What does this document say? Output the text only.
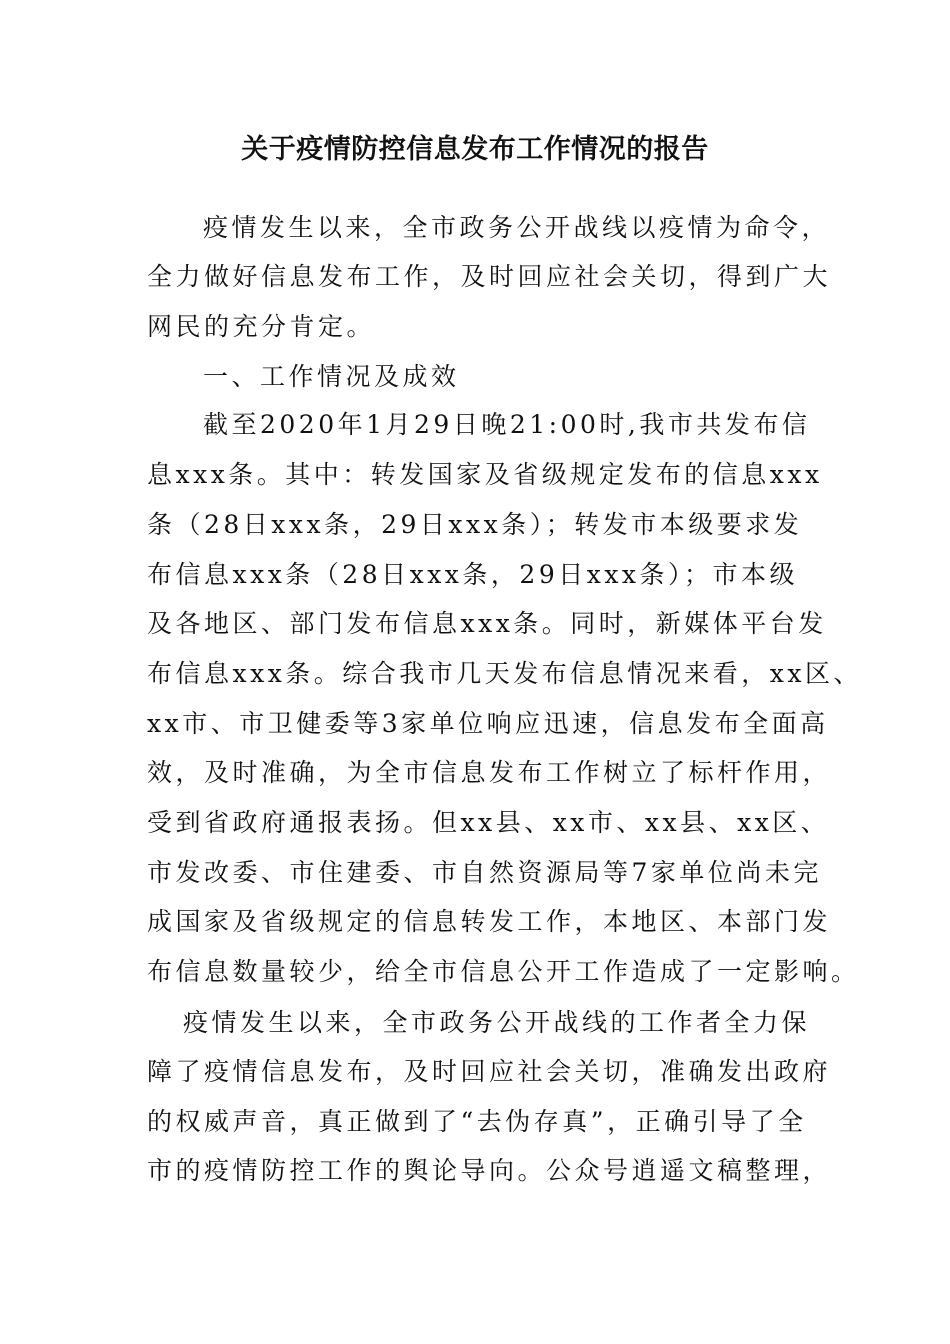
关于疫情防控信息发布工作情况的报告

疫情发生以来，全市政务公开战线以疫情为命令，

全力做好信息发布工作，及时回应社会关切，得到广大

网民的充分肯定。

一、工作情况及成效

截至2020年1月29日晚21:00时,我市共发布信

息xxx条。其中：转发国家及省级规定发布的信息xxx

条（28日xxx条，29日xxx条）；转发市本级要求发

布信息xxx条（28日xxx条，29日xxx条）；市本级

及各地区、部门发布信息xxx条。同时，新媒体平台发

布信息xxx条。综合我市几天发布信息情况来看，xx区、

xx市、市卫健委等3家单位响应迅速，信息发布全面高

效，及时准确，为全市信息发布工作树立了标杆作用，

受到省政府通报表扬。但xx县、xx市、xx县、xx区、

市发改委、市住建委、市自然资源局等7家单位尚未完

成国家及省级规定的信息转发工作，本地区、本部门发

布信息数量较少，给全市信息公开工作造成了一定影响。

疫情发生以来，全市政务公开战线的工作者全力保

障了疫情信息发布，及时回应社会关切，准确发出政府

的权威声音，真正做到了“去伪存真”，正确引导了全

市的疫情防控工作的舆论导向。公众号逍遥文稿整理，
